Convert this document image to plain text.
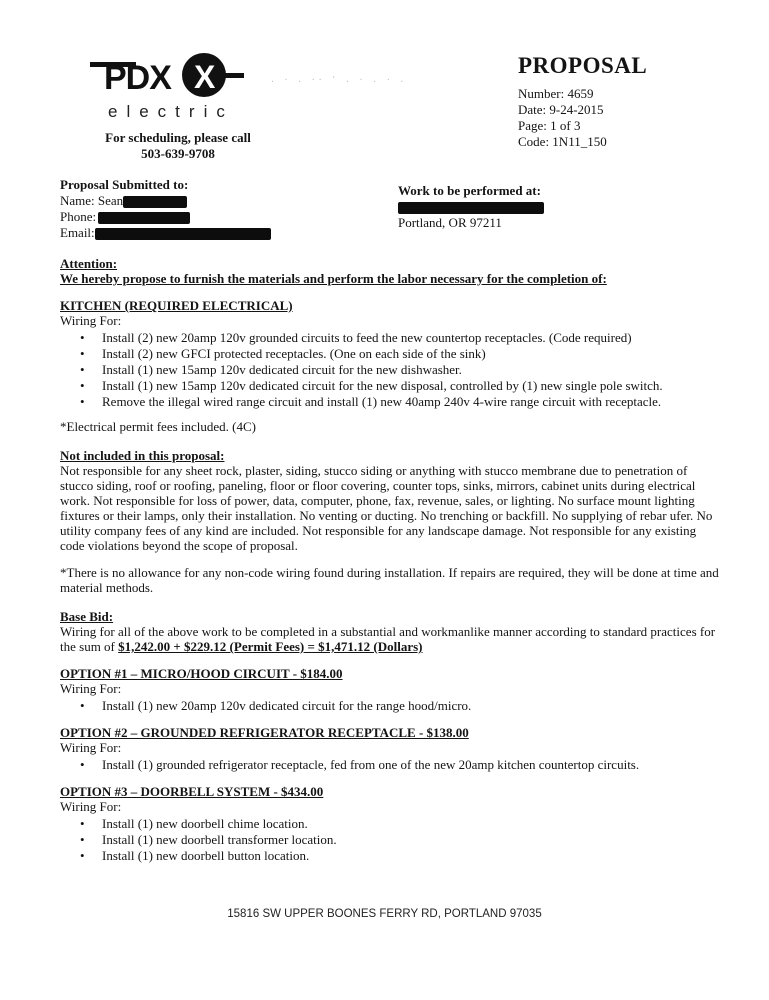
PDX X
electric
For scheduling, please call
503-639-9708
. · . ·· ' . · . · .
PROPOSAL
Number: 4659
Date: 9-24-2015
Page: 1 of 3
Code: 1N11_150
Proposal Submitted to:
Name: Sean
Phone:
Email:
Work to be performed at:
Portland, OR 97211
Attention:
We hereby propose to furnish the materials and perform the labor necessary for the completion of:
KITCHEN (REQUIRED ELECTRICAL)
Wiring For:
• Install (2) new 20amp 120v grounded circuits to feed the new countertop receptacles. (Code required)
• Install (2) new GFCI protected receptacles. (One on each side of the sink)
• Install (1) new 15amp 120v dedicated circuit for the new dishwasher.
• Install (1) new 15amp 120v dedicated circuit for the new disposal, controlled by (1) new single pole switch.
• Remove the illegal wired range circuit and install (1) new 40amp 240v 4-wire range circuit with receptacle.
*Electrical permit fees included. (4C)
Not included in this proposal:

Not responsible for any sheet rock, plaster, siding, stucco siding or anything with stucco membrane due to penetration of stucco siding, roof or roofing, paneling, floor or floor covering, counter tops, sinks, mirrors, cabinet units during electrical work. Not responsible for loss of power, data, computer, phone, fax, revenue, sales, or lighting. No surface mount lighting fixtures or their lamps, only their installation. No venting or ducting. No trenching or backfill. No supplying of rebar ufer. No utility company fees of any kind are included. Not responsible for any landscape damage. Not responsible for any existing code violations beyond the scope of proposal.

*There is no allowance for any non-code wiring found during installation. If repairs are required, they will be done at time and material methods.

Base Bid:

Wiring for all of the above work to be completed in a substantial and workmanlike manner according to standard practices for the sum of $1,242.00 + $229.12 (Permit Fees) = $1,471.12 (Dollars)

OPTION #1 – MICRO/HOOD CIRCUIT - $184.00
Wiring For:
• Install (1) new 20amp 120v dedicated circuit for the range hood/micro.
OPTION #2 – GROUNDED REFRIGERATOR RECEPTACLE - $138.00
Wiring For:
• Install (1) grounded refrigerator receptacle, fed from one of the new 20amp kitchen countertop circuits.
OPTION #3 – DOORBELL SYSTEM - $434.00
Wiring For:
• Install (1) new doorbell chime location.
• Install (1) new doorbell transformer location.
• Install (1) new doorbell button location.
15816 SW UPPER BOONES FERRY RD, PORTLAND 97035
